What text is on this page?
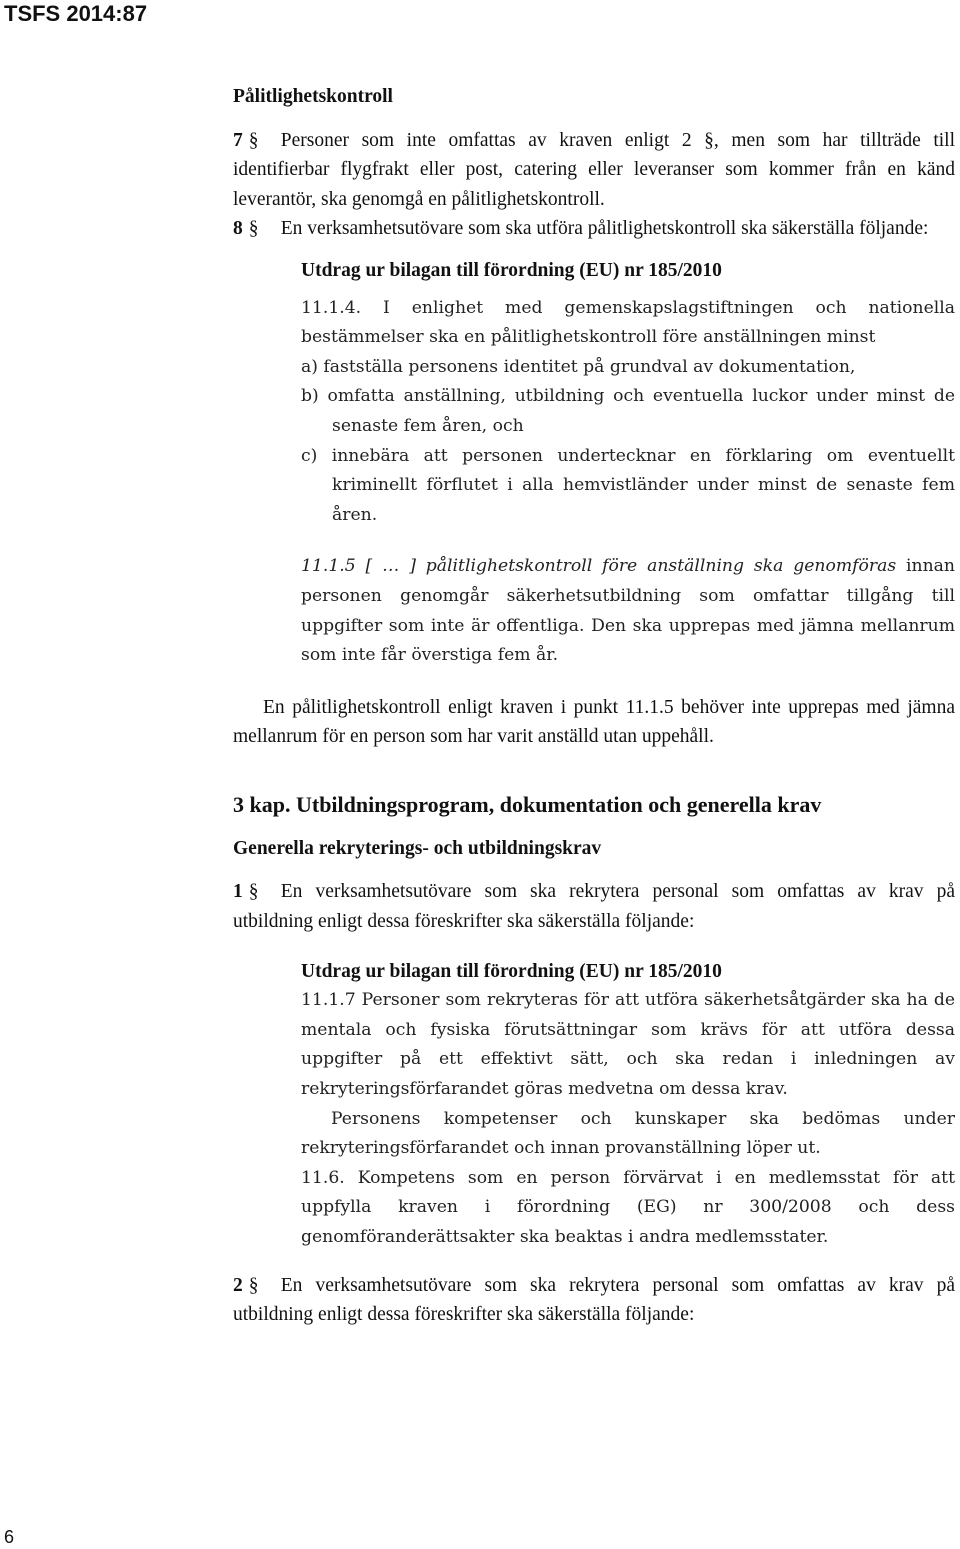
TSFS 2014:87
Pålitlighetskontroll

7 § Personer som inte omfattas av kraven enligt 2 §, men som har tillträde till identifierbar flygfrakt eller post, catering eller leveranser som kommer från en känd leverantör, ska genomgå en pålitlighetskontroll.

8 § En verksamhetsutövare som ska utföra pålitlighetskontroll ska säkerställa följande:

Utdrag ur bilagan till förordning (EU) nr 185/2010

11.1.4. I enlighet med gemenskapslagstiftningen och nationella bestämmelser ska en pålitlighetskontroll före anställningen minst

a) fastställa personens identitet på grundval av dokumentation,
b) omfatta anställning, utbildning och eventuella luckor under minst de senaste fem åren, och
c) innebära att personen undertecknar en förklaring om eventuellt kriminellt förflutet i alla hemvistländer under minst de senaste fem åren.

11.1.5 [ … ] pålitlighetskontroll före anställning ska genomföras innan personen genomgår säkerhetsutbildning som omfattar tillgång till uppgifter som inte är offentliga. Den ska upprepas med jämna mellanrum som inte får överstiga fem år.

En pålitlighetskontroll enligt kraven i punkt 11.1.5 behöver inte upprepas med jämna mellanrum för en person som har varit anställd utan uppehåll.

3 kap. Utbildningsprogram, dokumentation och generella krav
Generella rekryterings- och utbildningskrav

1 § En verksamhetsutövare som ska rekrytera personal som omfattas av krav på utbildning enligt dessa föreskrifter ska säkerställa följande:

Utdrag ur bilagan till förordning (EU) nr 185/2010

11.1.7 Personer som rekryteras för att utföra säkerhetsåtgärder ska ha de mentala och fysiska förutsättningar som krävs för att utföra dessa uppgifter på ett effektivt sätt, och ska redan i inledningen av rekryteringsförfarandet göras medvetna om dessa krav.

Personens kompetenser och kunskaper ska bedömas under rekryteringsförfarandet och innan provanställning löper ut.

11.6. Kompetens som en person förvärvat i en medlemsstat för att uppfylla kraven i förordning (EG) nr 300/2008 och dess genomföranderättsakter ska beaktas i andra medlemsstater.

2 § En verksamhetsutövare som ska rekrytera personal som omfattas av krav på utbildning enligt dessa föreskrifter ska säkerställa följande:

6
